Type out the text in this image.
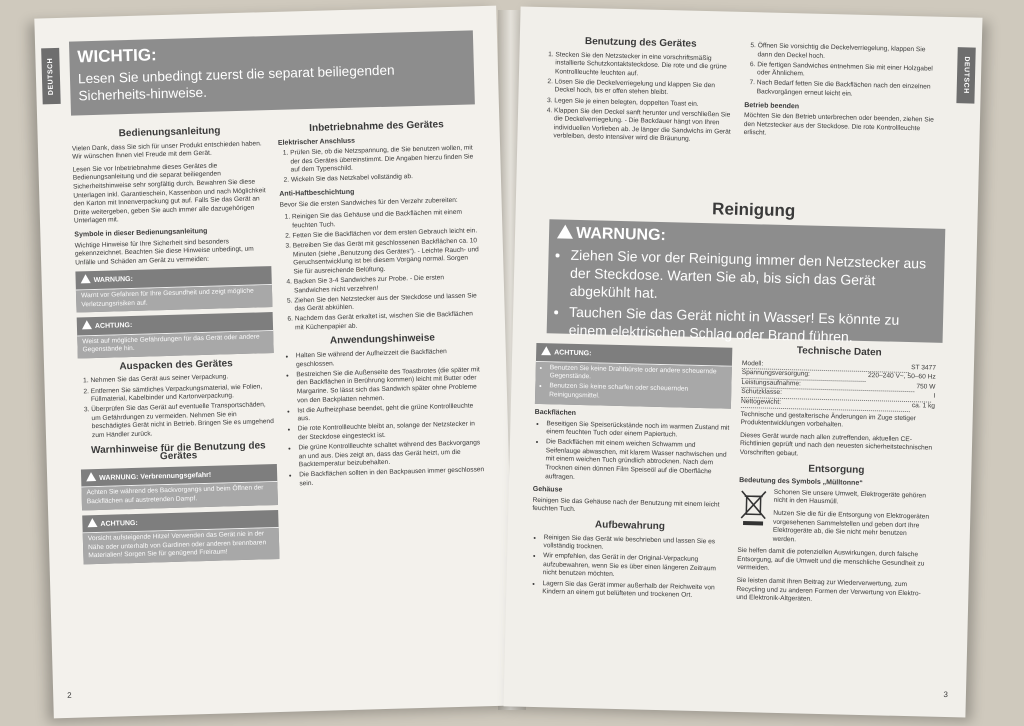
DEUTSCH
WICHTIG:
Lesen Sie unbedingt zuerst die separat beiliegenden Sicherheits-hinweise.
Bedienungsanleitung

Vielen Dank, dass Sie sich für unser Produkt entschieden haben. Wir wünschen Ihnen viel Freude mit dem Gerät.

Lesen Sie vor Inbetriebnahme dieses Gerätes die Bedienungsanleitung und die separat beiliegenden Sicherheitshinweise sehr sorgfältig durch. Bewahren Sie diese Unterlagen inkl. Garantieschein, Kassenbon und nach Möglichkeit den Karton mit Innenverpackung gut auf. Falls Sie das Gerät an Dritte weitergeben, geben Sie auch immer alle dazugehörigen Unterlagen mit.

Symbole in dieser Bedienungsanleitung

Wichtige Hinweise für Ihre Sicherheit sind besonders gekennzeichnet. Beachten Sie diese Hinweise unbedingt, um Unfälle und Schäden am Gerät zu vermeiden:

WARNUNG:
Warnt vor Gefahren für Ihre Gesundheit und zeigt mögliche Verletzungsrisiken auf.
ACHTUNG:
Weist auf mögliche Gefährdungen für das Gerät oder andere Gegenstände hin.
Auspacken des Gerätes
1. Nehmen Sie das Gerät aus seiner Verpackung.
2. Entfernen Sie sämtliches Verpackungsmaterial, wie Folien, Füllmaterial, Kabelbinder und Kartonverpackung.
3. Überprüfen Sie das Gerät auf eventuelle Transportschäden, um Gefährdungen zu vermeiden. Nehmen Sie ein beschädigtes Gerät nicht in Betrieb. Bringen Sie es umgehend zum Händler zurück.
Warnhinweise für die Benutzung des Gerätes
WARNUNG: Verbrennungsgefahr!
Achten Sie während des Backvorgangs und beim Öffnen der Backflächen auf austretenden Dampf.
ACHTUNG:
Vorsicht aufsteigende Hitze! Verwenden das Gerät nie in der Nähe oder unterhalb von Gardinen oder anderen brennbaren Materialien! Sorgen Sie für genügend Freiraum!
Inbetriebnahme des Gerätes
Elektrischer Anschluss
1. Prüfen Sie, ob die Netzspannung, die Sie benutzen wollen, mit der des Gerätes übereinstimmt. Die Angaben hierzu finden Sie auf dem Typenschild.
2. Wickeln Sie das Netzkabel vollständig ab.
Anti-Haftbeschichtung

Bevor Sie die ersten Sandwiches für den Verzehr zubereiten:

1. Reinigen Sie das Gehäuse und die Backflächen mit einem feuchten Tuch.
2. Fetten Sie die Backflächen vor dem ersten Gebrauch leicht ein.
3. Betreiben Sie das Gerät mit geschlossenen Backflächen ca. 10 Minuten (siehe „Benutzung des Gerätes“). - Leichte Rauch- und Geruchsentwicklung ist bei diesem Vorgang normal. Sorgen Sie für ausreichende Belüftung.
4. Backen Sie 3-4 Sandwiches zur Probe. - Die ersten Sandwiches nicht verzehren!
5. Ziehen Sie den Netzstecker aus der Steckdose und lassen Sie das Gerät abkühlen.
6. Nachdem das Gerät erkaltet ist, wischen Sie die Backflächen mit Küchenpapier ab.
Anwendungshinweise
• Halten Sie während der Aufheizzeit die Backflächen geschlossen.
• Bestreichen Sie die Außenseite des Toastbrotes (die später mit den Backflächen in Berührung kommen) leicht mit Butter oder Margarine. So lässt sich das Sandwich später ohne Probleme von den Backplatten nehmen.
• Ist die Aufheizphase beendet, geht die grüne Kontrollleuchte aus.
• Die rote Kontrollleuchte bleibt an, solange der Netzstecker in der Steckdose eingesteckt ist.
• Die grüne Kontrollleuchte schaltet während des Backvorgangs an und aus. Dies zeigt an, dass das Gerät heizt, um die Backtemperatur beizubehalten.
• Die Backflächen sollten in den Backpausen immer geschlossen sein.
2
DEUTSCH
Benutzung des Gerätes
1. Stecken Sie den Netzstecker in eine vorschriftsmäßig installierte Schutzkontaktsteckdose. Die rote und die grüne Kontrollleuchte leuchten auf.
2. Lösen Sie die Deckelverriegelung und klappen Sie den Deckel hoch, bis er offen stehen bleibt.
3. Legen Sie je einen belegten, doppelten Toast ein.
4. Klappen Sie den Deckel sanft herunter und verschließen Sie die Deckelverriegelung. - Die Backdauer hängt von Ihren individuellen Vorlieben ab. Je länger die Sandwichs im Gerät verbleiben, desto intensiver wird die Bräunung.
5. Öffnen Sie vorsichtig die Deckelverriegelung, klappen Sie dann den Deckel hoch.
6. Die fertigen Sandwiches entnehmen Sie mit einer Holzgabel oder Ähnlichem.
7. Nach Bedarf fetten Sie die Backflächen nach den einzelnen Backvorgängen erneut leicht ein.
Betrieb beenden

Möchten Sie den Betrieb unterbrechen oder beenden, ziehen Sie den Netzstecker aus der Steckdose. Die rote Kontrollleuchte erlischt.

Reinigung
WARNUNG:
• Ziehen Sie vor der Reinigung immer den Netzstecker aus der Steckdose. Warten Sie ab, bis sich das Gerät abgekühlt hat.
• Tauchen Sie das Gerät nicht in Wasser! Es könnte zu einem elektrischen Schlag oder Brand führen.
ACHTUNG:
• Benutzen Sie keine Drahtbürste oder andere scheuernde Gegenstände.
• Benutzen Sie keine scharfen oder scheuernden Reinigungsmittel.
Backflächen
• Beseitigen Sie Speiserückstände noch im warmen Zustand mit einem feuchten Tuch oder einem Papiertuch.
• Die Backflächen mit einem weichen Schwamm und Seifenlauge abwaschen, mit klarem Wasser nachwischen und mit einem weichen Tuch gründlich abtrocknen. Nach dem Trocknen einen dünnen Film Speiseöl auf die Oberfläche auftragen.
Gehäuse

Reinigen Sie das Gehäuse nach der Benutzung mit einem leicht feuchten Tuch.

Aufbewahrung
• Reinigen Sie das Gerät wie beschrieben und lassen Sie es vollständig trocknen.
• Wir empfehlen, das Gerät in der Original-Verpackung aufzubewahren, wenn Sie es über einen längeren Zeitraum nicht benutzen möchten.
• Lagern Sie das Gerät immer außerhalb der Reichweite von Kindern an einem gut belüfteten und trockenen Ort.
Technische Daten
Modell:
ST 3477
Spannungsversorgung:	220–240 V~, 50–60 Hz
Leistungsaufnahme:	750 W
Schutzklasse:
I
Nettogewicht:	ca. 1 kg

Technische und gestalterische Änderungen im Zuge stetiger Produktentwicklungen vorbehalten.

Dieses Gerät wurde nach allen zutreffenden, aktuellen CE-Richtlinien geprüft und nach den neuesten sicherheitstechnischen Vorschriften gebaut.

Entsorgung
Bedeutung des Symbols „Mülltonne“

Schonen Sie unsere Umwelt, Elektrogeräte gehören nicht in den Hausmüll.

Nutzen Sie die für die Entsorgung von Elektrogeräten vorgesehenen Sammelstellen und geben dort Ihre Elektrogeräte ab, die Sie nicht mehr benutzen werden.

Sie helfen damit die potenziellen Auswirkungen, durch falsche Entsorgung, auf die Umwelt und die menschliche Gesundheit zu vermeiden.

Sie leisten damit Ihren Beitrag zur Wiederverwertung, zum Recycling und zu anderen Formen der Verwertung von Elektro- und Elektronik-Altgeräten.

3
